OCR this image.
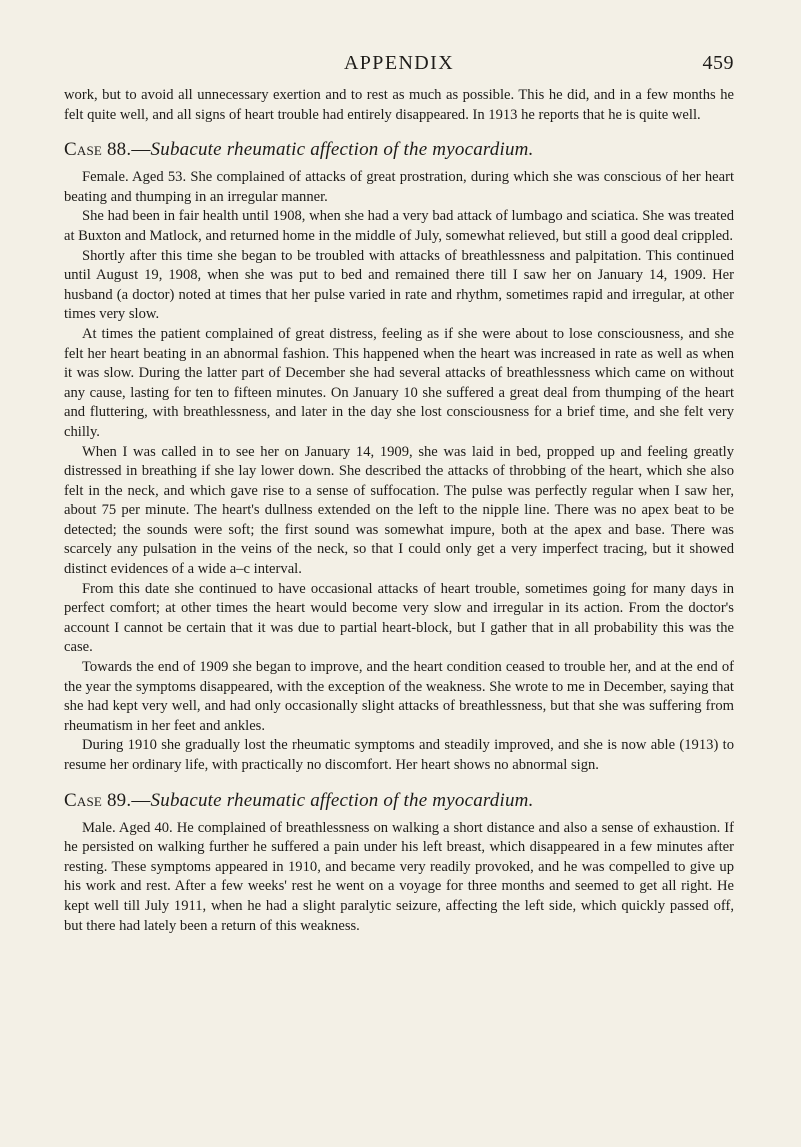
APPENDIX	459

work, but to avoid all unnecessary exertion and to rest as much as possible. This he did, and in a few months he felt quite well, and all signs of heart trouble had entirely disappeared. In 1913 he reports that he is quite well.

Case 88.—Subacute rheumatic affection of the myocardium.

Female. Aged 53. She complained of attacks of great prostration, during which she was conscious of her heart beating and thumping in an irregular manner.

She had been in fair health until 1908, when she had a very bad attack of lumbago and sciatica. She was treated at Buxton and Matlock, and returned home in the middle of July, somewhat relieved, but still a good deal crippled.

Shortly after this time she began to be troubled with attacks of breathlessness and palpitation. This continued until August 19, 1908, when she was put to bed and remained there till I saw her on January 14, 1909. Her husband (a doctor) noted at times that her pulse varied in rate and rhythm, sometimes rapid and irregular, at other times very slow.

At times the patient complained of great distress, feeling as if she were about to lose consciousness, and she felt her heart beating in an abnormal fashion. This happened when the heart was increased in rate as well as when it was slow. During the latter part of December she had several attacks of breathlessness which came on without any cause, lasting for ten to fifteen minutes. On January 10 she suffered a great deal from thumping of the heart and fluttering, with breathlessness, and later in the day she lost consciousness for a brief time, and she felt very chilly.

When I was called in to see her on January 14, 1909, she was laid in bed, propped up and feeling greatly distressed in breathing if she lay lower down. She described the attacks of throbbing of the heart, which she also felt in the neck, and which gave rise to a sense of suffocation. The pulse was perfectly regular when I saw her, about 75 per minute. The heart's dullness extended on the left to the nipple line. There was no apex beat to be detected; the sounds were soft; the first sound was somewhat impure, both at the apex and base. There was scarcely any pulsation in the veins of the neck, so that I could only get a very imperfect tracing, but it showed distinct evidences of a wide a–c interval.

From this date she continued to have occasional attacks of heart trouble, sometimes going for many days in perfect comfort; at other times the heart would become very slow and irregular in its action. From the doctor's account I cannot be certain that it was due to partial heart-block, but I gather that in all probability this was the case.

Towards the end of 1909 she began to improve, and the heart condition ceased to trouble her, and at the end of the year the symptoms disappeared, with the exception of the weakness. She wrote to me in December, saying that she had kept very well, and had only occasionally slight attacks of breathlessness, but that she was suffering from rheumatism in her feet and ankles.

During 1910 she gradually lost the rheumatic symptoms and steadily improved, and she is now able (1913) to resume her ordinary life, with practically no discomfort. Her heart shows no abnormal sign.

Case 89.—Subacute rheumatic affection of the myocardium.

Male. Aged 40. He complained of breathlessness on walking a short distance and also a sense of exhaustion. If he persisted on walking further he suffered a pain under his left breast, which disappeared in a few minutes after resting. These symptoms appeared in 1910, and became very readily provoked, and he was compelled to give up his work and rest. After a few weeks' rest he went on a voyage for three months and seemed to get all right. He kept well till July 1911, when he had a slight paralytic seizure, affecting the left side, which quickly passed off, but there had lately been a return of this weakness.
